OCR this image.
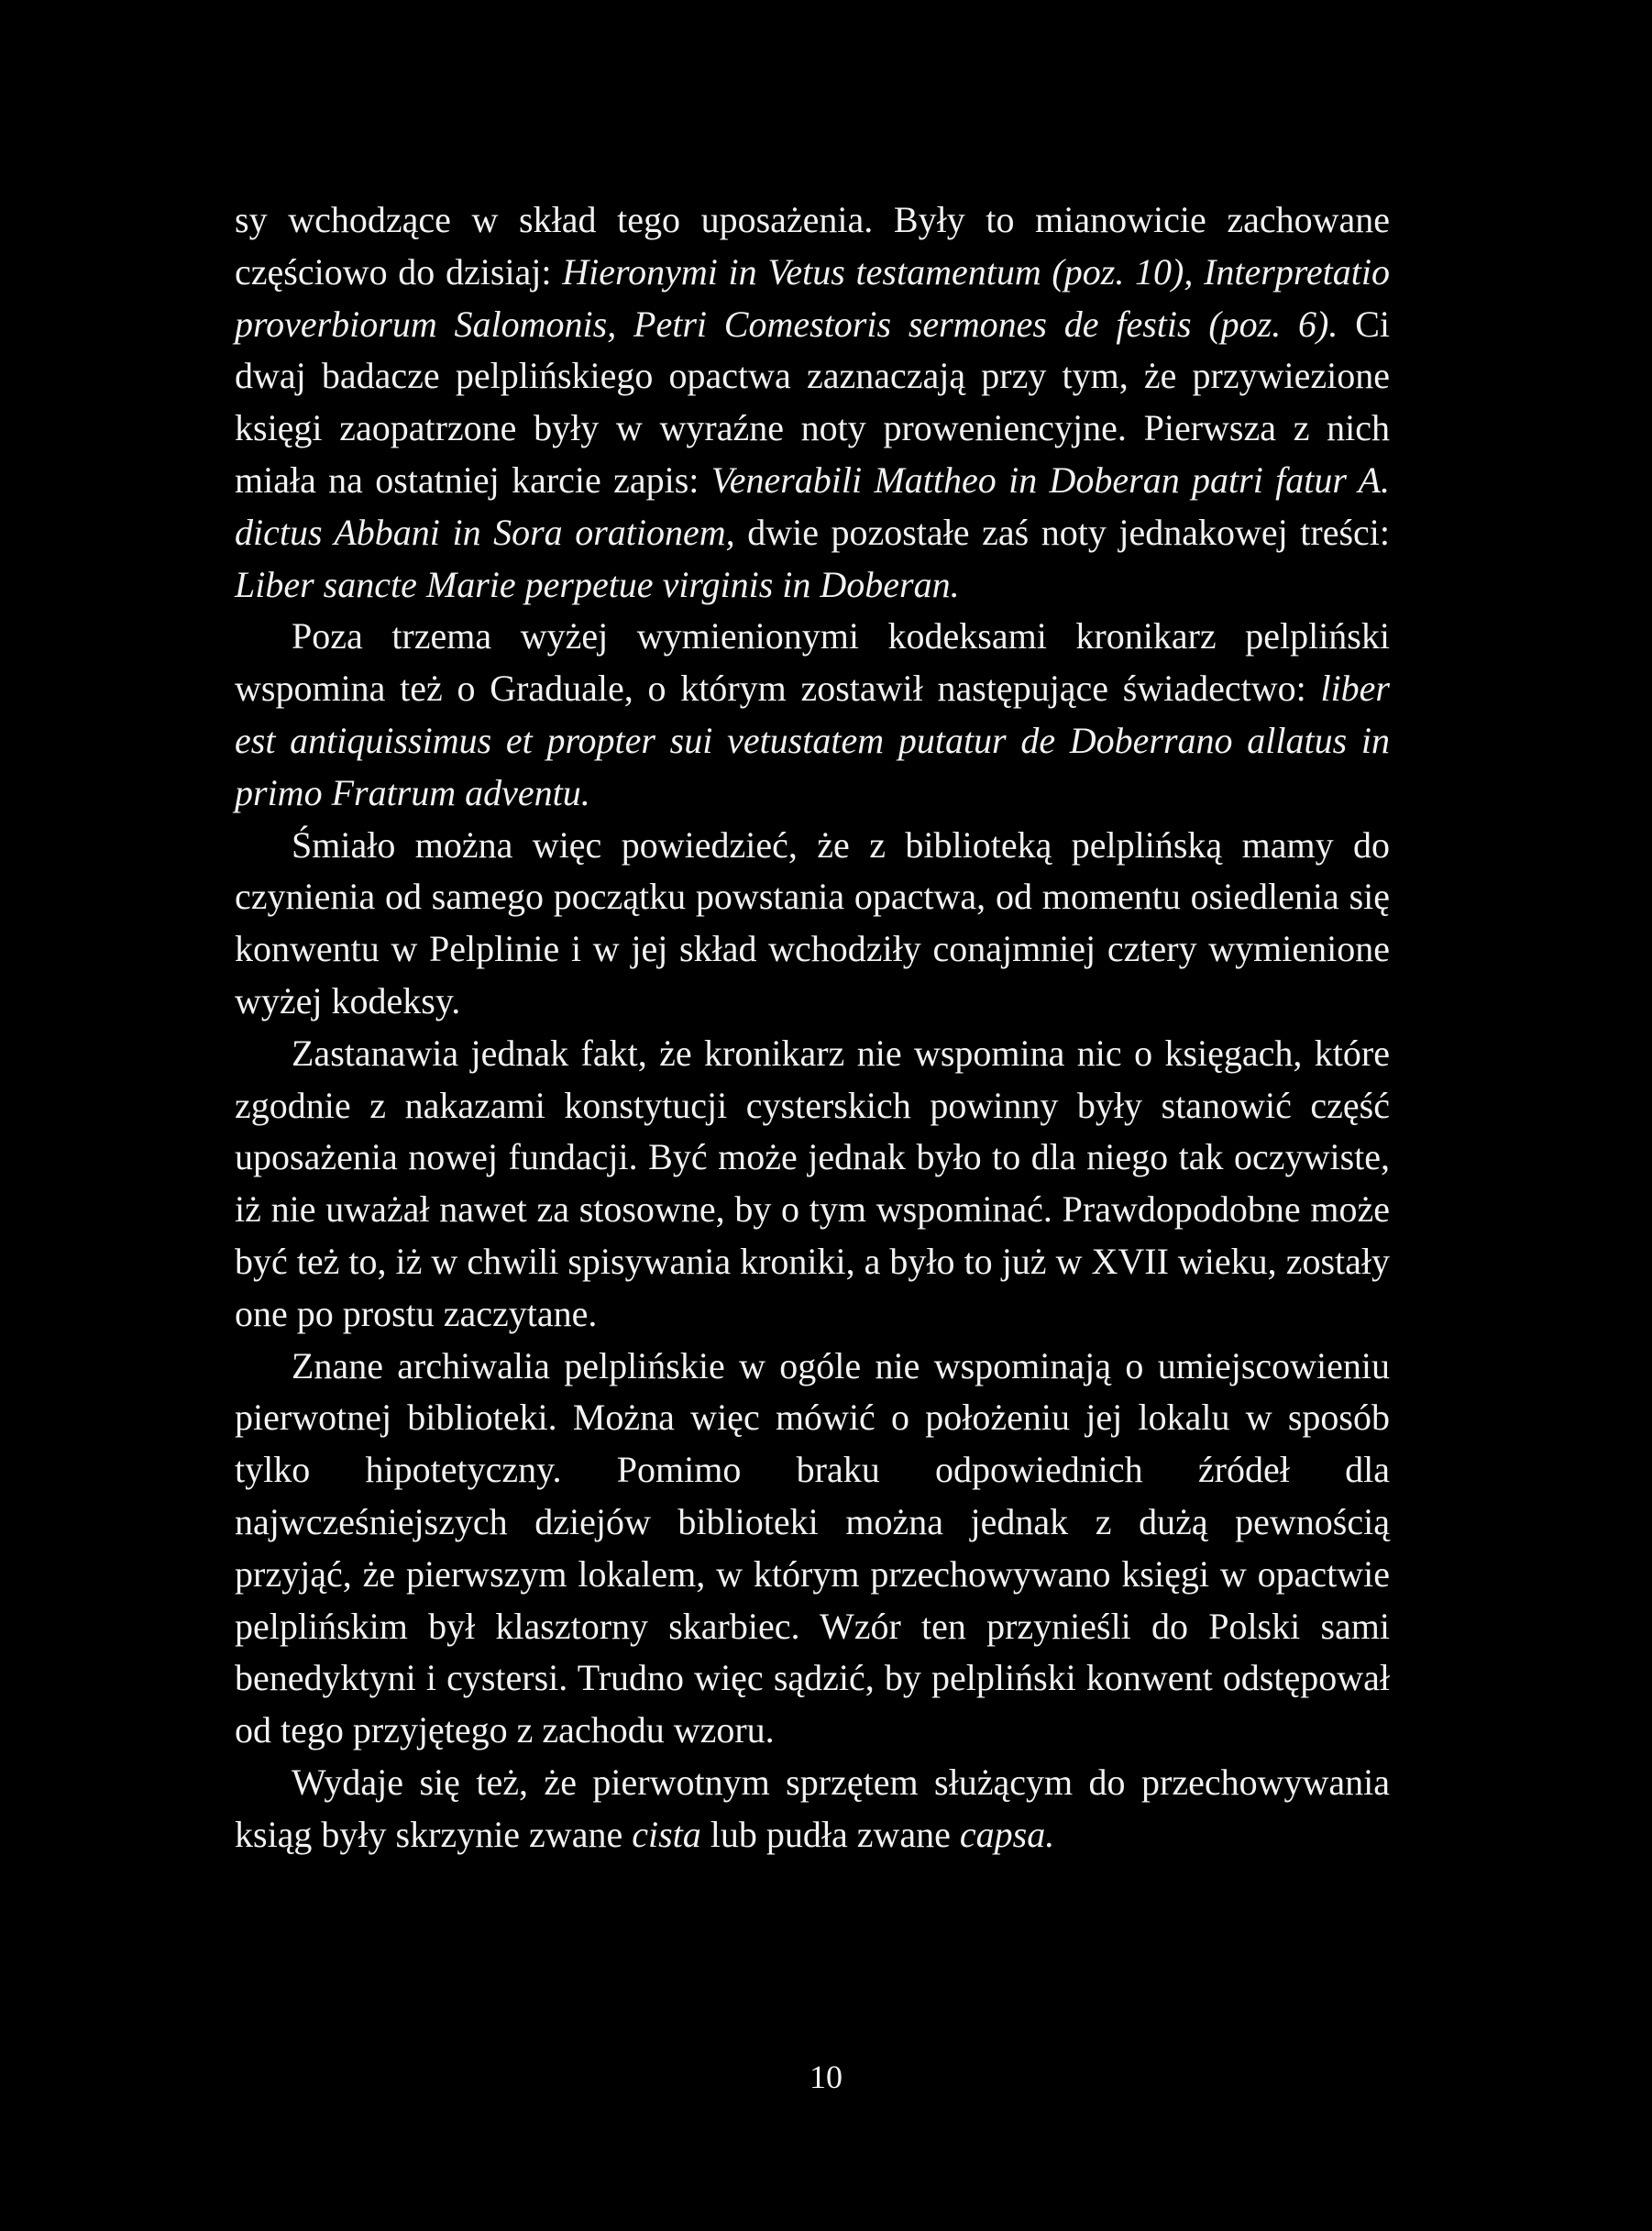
sy wchodzące w skład tego uposażenia. Były to mianowicie zachowane częściowo do dzisiaj: Hieronymi in Vetus testamentum (poz. 10), Interpretatio proverbiorum Salomonis, Petri Comestoris sermones de festis (poz. 6). Ci dwaj badacze pelplińskiego opactwa zaznaczają przy tym, że przywiezione księgi zaopatrzone były w wyraźne noty proweniencyjne. Pierwsza z nich miała na ostatniej karcie zapis: Venerabili Mattheo in Doberan patri fatur A. dictus Abbani in Sora orationem, dwie pozostałe zaś noty jednakowej treści: Liber sancte Marie perpetue virginis in Doberan.

Poza trzema wyżej wymienionymi kodeksami kronikarz pelpliński wspomina też o Graduale, o którym zostawił następujące świadectwo: liber est antiquissimus et propter sui vetustatem putatur de Doberrano allatus in primo Fratrum adventu.

Śmiało można więc powiedzieć, że z biblioteką pelplińską mamy do czynienia od samego początku powstania opactwa, od momentu osiedlenia się konwentu w Pelplinie i w jej skład wchodziły conajmniej cztery wymienione wyżej kodeksy.

Zastanawia jednak fakt, że kronikarz nie wspomina nic o księgach, które zgodnie z nakazami konstytucji cysterskich powinny były stanowić część uposażenia nowej fundacji. Być może jednak było to dla niego tak oczywiste, iż nie uważał nawet za stosowne, by o tym wspominać. Prawdopodobne może być też to, iż w chwili spisywania kroniki, a było to już w XVII wieku, zostały one po prostu zaczytane.

Znane archiwalia pelplińskie w ogóle nie wspominają o umiejscowieniu pierwotnej biblioteki. Można więc mówić o położeniu jej lokalu w sposób tylko hipotetyczny. Pomimo braku odpowiednich źródeł dla najwcześniejszych dziejów biblioteki można jednak z dużą pewnością przyjąć, że pierwszym lokalem, w którym przechowywano księgi w opactwie pelplińskim był klasztorny skarbiec. Wzór ten przynieśli do Polski sami benedyktyni i cystersi. Trudno więc sądzić, by pelpliński konwent odstępował od tego przyjętego z zachodu wzoru.

Wydaje się też, że pierwotnym sprzętem służącym do przechowywania ksiąg były skrzynie zwane cista lub pudła zwane capsa.

10
